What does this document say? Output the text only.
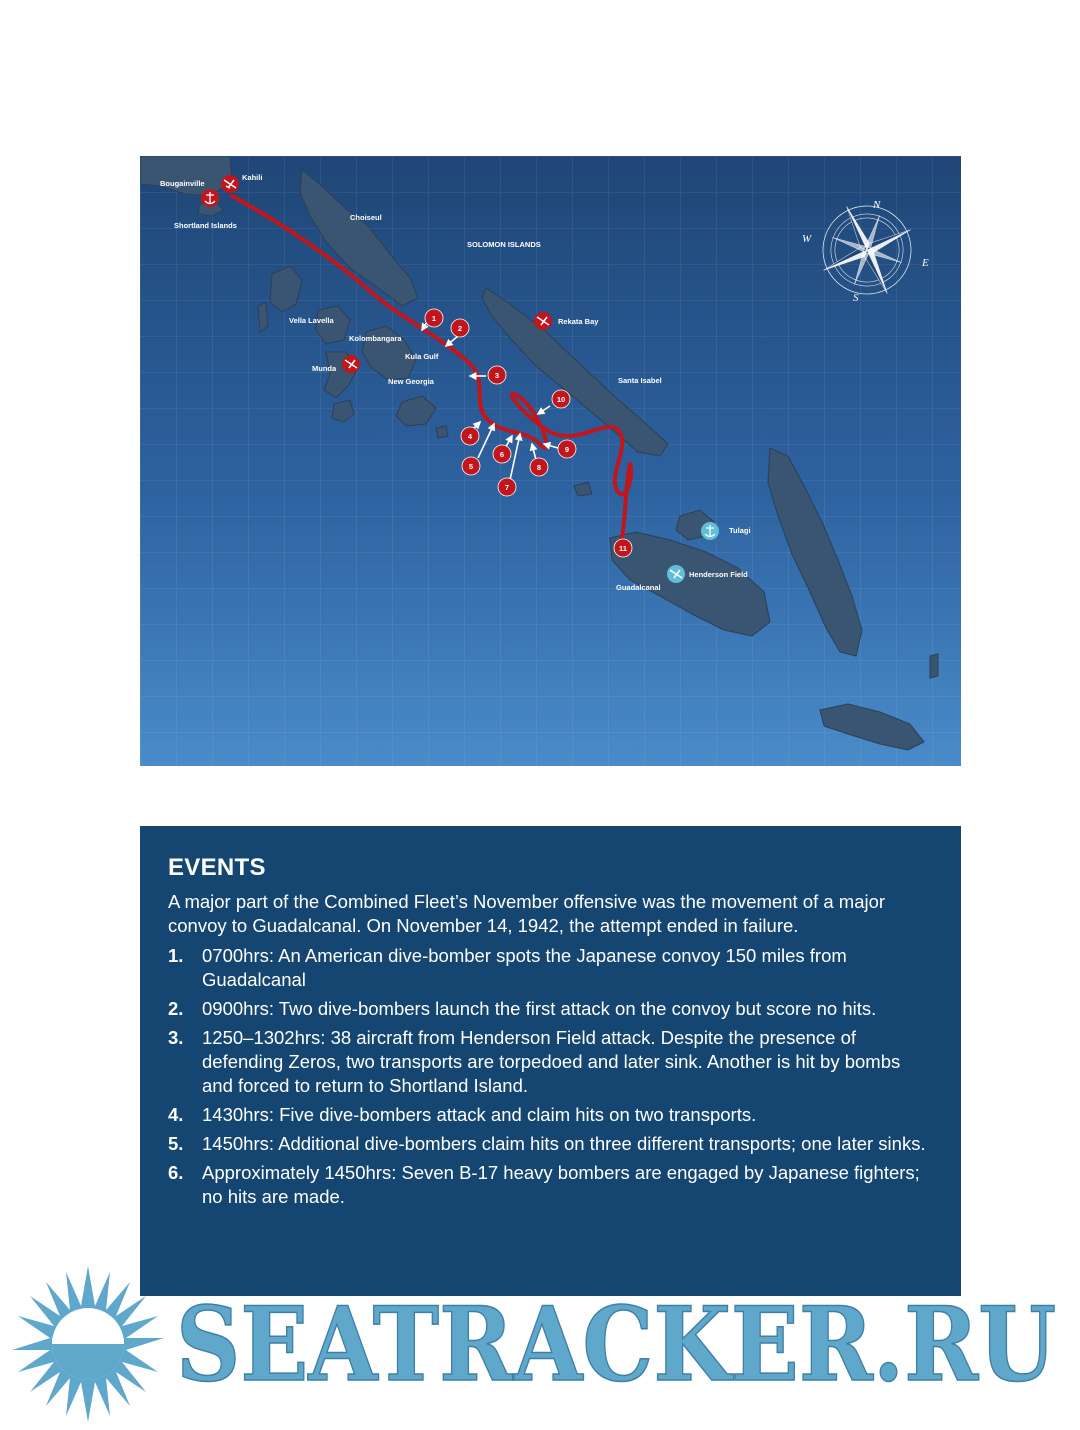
1
2
3
4
5
6
7
8
9
10
11
Bougainville
Kahili
Shortland Islands
Choiseul
SOLOMON ISLANDS
Vella Lavella
Kolombangara
Kula Gulf
Munda
New Georgia
Rekata Bay
Santa Isabel
Tulagi
Henderson Field
Guadalcanal
N
E
S
W
EVENTS

A major part of the Combined Fleet’s November offensive was the movement of a major convoy to Guadalcanal. On November 14, 1942, the attempt ended in failure.

1.	0700hrs: An American dive-bomber spots the Japanese convoy 150 miles from Guadalcanal
2.	0900hrs: Two dive-bombers launch the first attack on the convoy but score no hits.
3.	1250–1302hrs: 38 aircraft from Henderson Field attack. Despite the presence of defending Zeros, two transports are torpedoed and later sink. Another is hit by bombs and forced to return to Shortland Island.
4.	1430hrs: Five dive-bombers attack and claim hits on two transports.
5.	1450hrs: Additional dive-bombers claim hits on three different transports; one later sinks.
6.	Approximately 1450hrs: Seven B-17 heavy bombers are engaged by Japanese fighters; no hits are made.
SEATRACKER.RU
